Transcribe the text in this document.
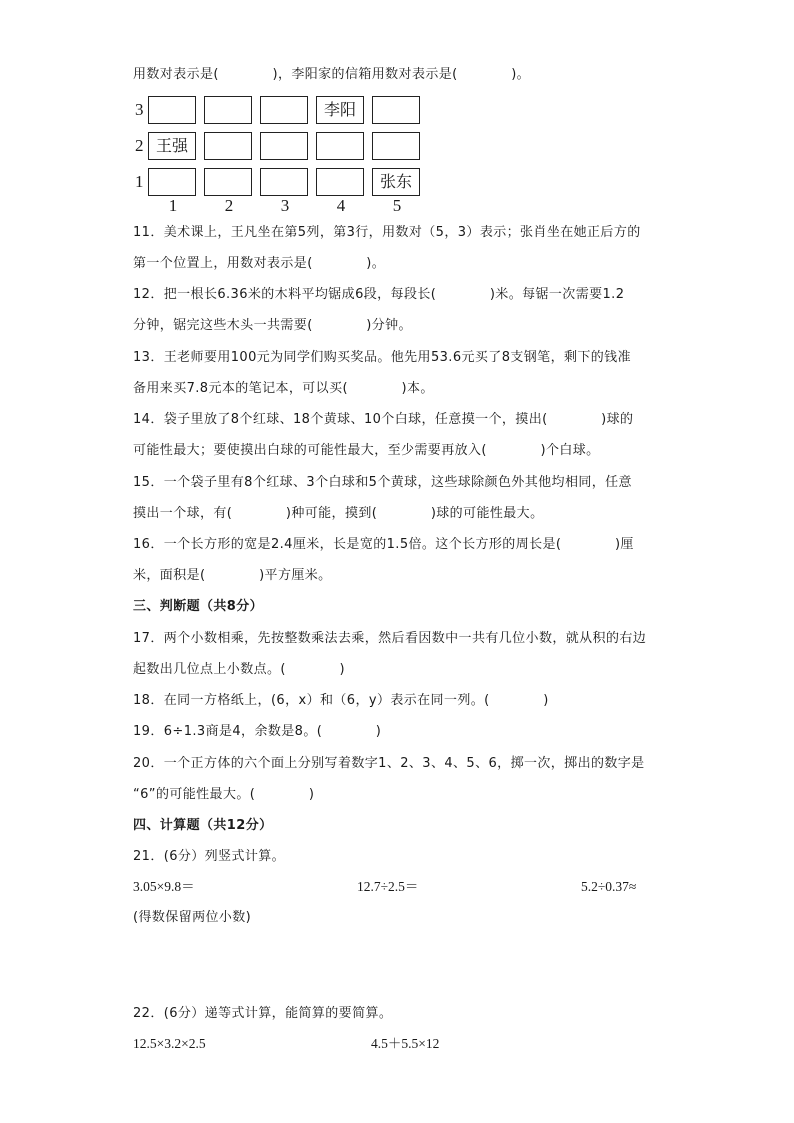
用数对表示是(　　　　)，李阳家的信箱用数对表示是(　　　　)。
3
2
1
李阳
王强
张东
1	2	3	4	5
11．美术课上，王凡坐在第5列，第3行，用数对（5，3）表示；张肖坐在她正后方的
第一个位置上，用数对表示是(　　　　)。
12．把一根长6.36米的木料平均锯成6段，每段长(　　　　)米。每锯一次需要1.2
分钟，锯完这些木头一共需要(　　　　)分钟。
13．王老师要用100元为同学们购买奖品。他先用53.6元买了8支钢笔，剩下的钱准
备用来买7.8元本的笔记本，可以买(　　　　)本。
14．袋子里放了8个红球、18个黄球、10个白球，任意摸一个，摸出(　　　　)球的
可能性最大；要使摸出白球的可能性最大，至少需要再放入(　　　　)个白球。
15．一个袋子里有8个红球、3个白球和5个黄球，这些球除颜色外其他均相同，任意
摸出一个球，有(　　　　)种可能，摸到(　　　　)球的可能性最大。
16．一个长方形的宽是2.4厘米，长是宽的1.5倍。这个长方形的周长是(　　　　)厘
米，面积是(　　　　)平方厘米。
三、判断题（共8分）
17．两个小数相乘，先按整数乘法去乘，然后看因数中一共有几位小数，就从积的右边
起数出几位点上小数点。(　　　　)
18．在同一方格纸上，(6，x）和（6，y）表示在同一列。(　　　　)
19．6÷1.3商是4，余数是8。(　　　　)
20．一个正方体的六个面上分别写着数字1、2、3、4、5、6，掷一次，掷出的数字是
“6”的可能性最大。(　　　　)
四、计算题（共12分）
21．(6分）列竖式计算。
3.05×9.8＝	12.7÷2.5＝	5.2÷0.37≈
(得数保留两位小数)
22．(6分）递等式计算，能简算的要简算。
12.5×3.2×2.5	4.5＋5.5×12
